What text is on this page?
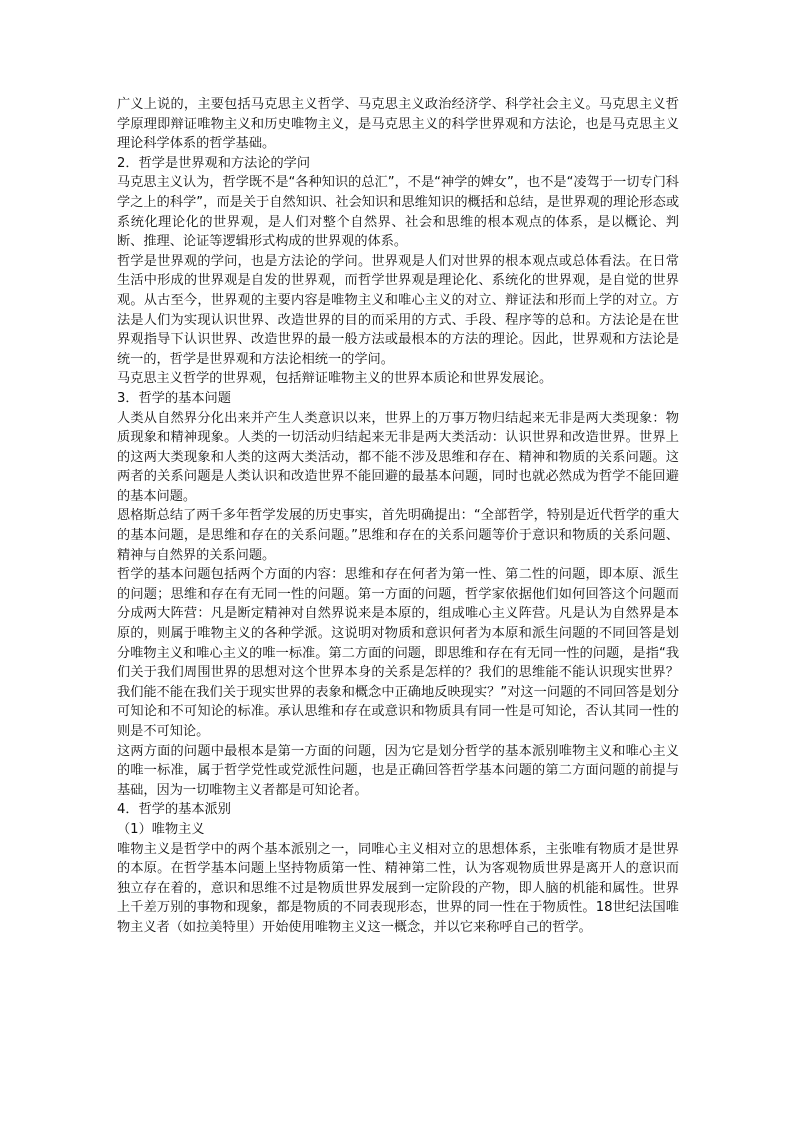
广义上说的，主要包括马克思主义哲学、马克思主义政治经济学、科学社会主义。马克思主义哲学原理即辩证唯物主义和历史唯物主义，是马克思主义的科学世界观和方法论，也是马克思主义理论科学体系的哲学基础。

2．哲学是世界观和方法论的学问

马克思主义认为，哲学既不是“各种知识的总汇”，不是“神学的婢女”，也不是“凌驾于一切专门科学之上的科学”，而是关于自然知识、社会知识和思维知识的概括和总结，是世界观的理论形态或系统化理论化的世界观，是人们对整个自然界、社会和思维的根本观点的体系，是以概论、判断、推理、论证等逻辑形式构成的世界观的体系。

哲学是世界观的学问，也是方法论的学问。世界观是人们对世界的根本观点或总体看法。在日常生活中形成的世界观是自发的世界观，而哲学世界观是理论化、系统化的世界观，是自觉的世界观。从古至今，世界观的主要内容是唯物主义和唯心主义的对立、辩证法和形而上学的对立。方法是人们为实现认识世界、改造世界的目的而采用的方式、手段、程序等的总和。方法论是在世界观指导下认识世界、改造世界的最一般方法或最根本的方法的理论。因此，世界观和方法论是统一的，哲学是世界观和方法论相统一的学问。

马克思主义哲学的世界观，包括辩证唯物主义的世界本质论和世界发展论。

3．哲学的基本问题

人类从自然界分化出来并产生人类意识以来，世界上的万事万物归结起来无非是两大类现象：物质现象和精神现象。人类的一切活动归结起来无非是两大类活动：认识世界和改造世界。世界上的这两大类现象和人类的这两大类活动，都不能不涉及思维和存在、精神和物质的关系问题。这两者的关系问题是人类认识和改造世界不能回避的最基本问题，同时也就必然成为哲学不能回避的基本问题。

恩格斯总结了两千多年哲学发展的历史事实，首先明确提出：“全部哲学，特别是近代哲学的重大的基本问题，是思维和存在的关系问题。”思维和存在的关系问题等价于意识和物质的关系问题、精神与自然界的关系问题。

哲学的基本问题包括两个方面的内容：思维和存在何者为第一性、第二性的问题，即本原、派生的问题；思维和存在有无同一性的问题。第一方面的问题，哲学家依据他们如何回答这个问题而分成两大阵营：凡是断定精神对自然界说来是本原的，组成唯心主义阵营。凡是认为自然界是本原的，则属于唯物主义的各种学派。这说明对物质和意识何者为本原和派生问题的不同回答是划分唯物主义和唯心主义的唯一标准。第二方面的问题，即思维和存在有无同一性的问题，是指“我们关于我们周围世界的思想对这个世界本身的关系是怎样的？我们的思维能不能认识现实世界？我们能不能在我们关于现实世界的表象和概念中正确地反映现实？”对这一问题的不同回答是划分可知论和不可知论的标准。承认思维和存在或意识和物质具有同一性是可知论，否认其同一性的则是不可知论。

这两方面的问题中最根本是第一方面的问题，因为它是划分哲学的基本派别唯物主义和唯心主义的唯一标准，属于哲学党性或党派性问题，也是正确回答哲学基本问题的第二方面问题的前提与基础，因为一切唯物主义者都是可知论者。

4．哲学的基本派别

（1）唯物主义

唯物主义是哲学中的两个基本派别之一，同唯心主义相对立的思想体系，主张唯有物质才是世界的本原。在哲学基本问题上坚持物质第一性、精神第二性，认为客观物质世界是离开人的意识而独立存在着的，意识和思维不过是物质世界发展到一定阶段的产物，即人脑的机能和属性。世界上千差万别的事物和现象，都是物质的不同表现形态，世界的同一性在于物质性。18世纪法国唯物主义者（如拉美特里）开始使用唯物主义这一概念，并以它来称呼自己的哲学。
